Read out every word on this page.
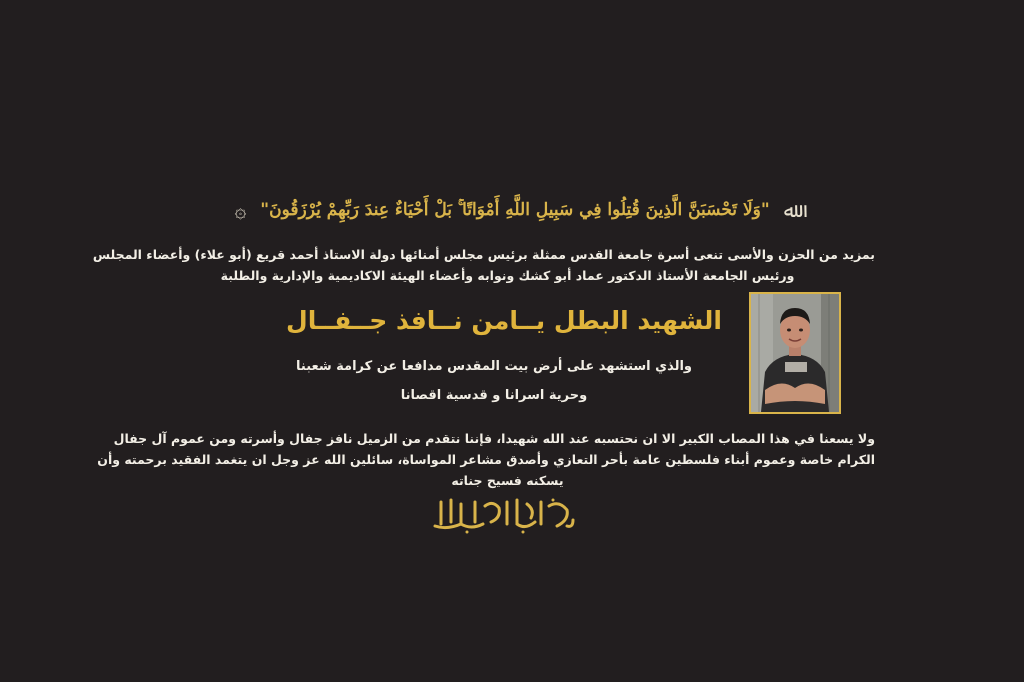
ﷲ
"وَلَا تَحْسَبَنَّ الَّذِينَ قُتِلُوا فِي سَبِيلِ اللَّهِ أَمْوَاتًا ۚ بَلْ أَحْيَاءٌ عِندَ رَبِّهِمْ يُرْزَقُونَ"
۞

بمزيد من الحزن والأسى تنعى أسرة جامعة القدس ممثلة برئيس مجلس أمنائها دولة الاستاذ أحمد قريع (أبو علاء) وأعضاء المجلس

ورئيس الجامعة الأستاذ الدكتور عماد أبو كشك ونوابه وأعضاء الهيئة الاكاديمية والإدارية والطلبة

الشهيد البطل يــامن نــافذ جــفــال

والذي استشهد على أرض بيت المقدس مدافعا عن كرامة شعبنا

وحرية اسرانا و قدسية اقصانا

ولا يسعنا في هذا المصاب الكبير الا ان نحتسبه عند الله شهيدا، فإننا نتقدم من الزميل نافز جفال وأسرته ومن عموم آل جفال

الكرام خاصة وعموم أبناء فلسطين عامة بأحر التعازي وأصدق مشاعر المواساة، سائلين الله عز وجل ان يتغمد الفقيد برحمته وأن

يسكنه فسيح جناته
